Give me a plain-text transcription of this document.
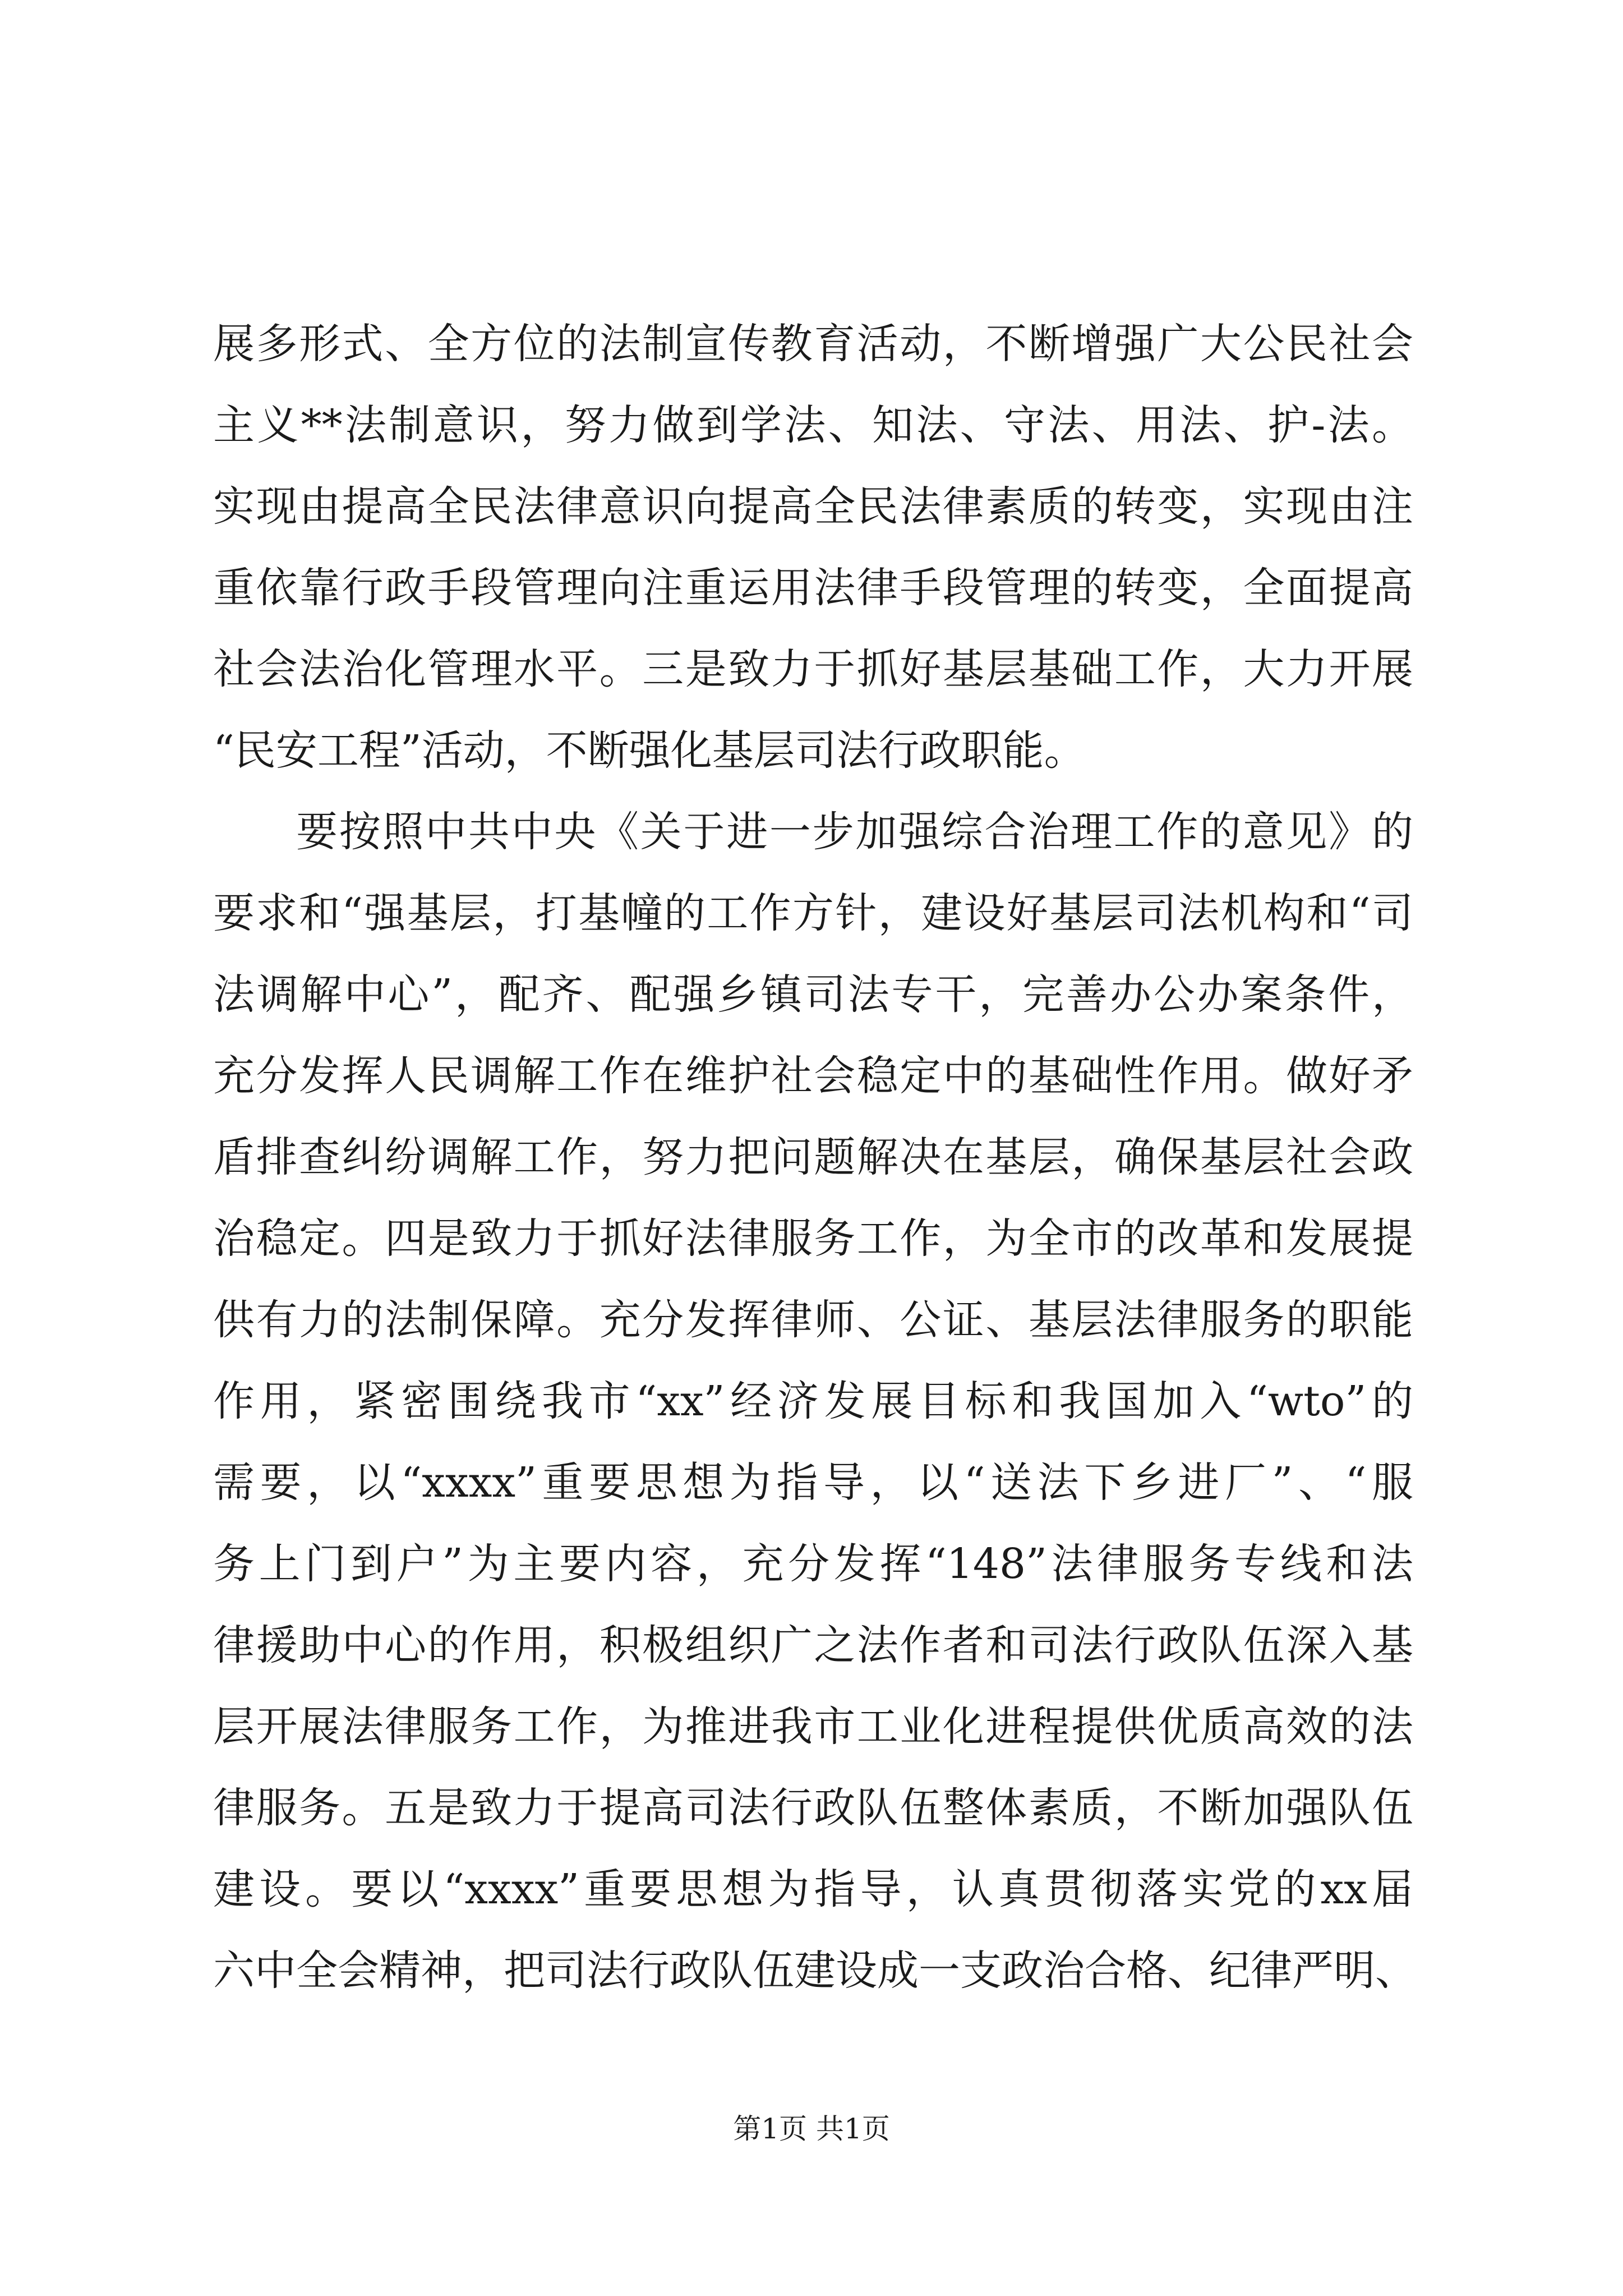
展多形式、全方位的法制宣传教育活动，不断增强广大公民社会
主义**法制意识，努力做到学法、知法、守法、用法、护-法。
实现由提高全民法律意识向提高全民法律素质的转变，实现由注
重依靠行政手段管理向注重运用法律手段管理的转变，全面提高
社会法治化管理水平。三是致力于抓好基层基础工作，大力开展
“民安工程”活动，不断强化基层司法行政职能。
要按照中共中央《关于进一步加强综合治理工作的意见》的
要求和“强基层，打基幢的工作方针，建设好基层司法机构和“司
法调解中心”，配齐、配强乡镇司法专干，完善办公办案条件，
充分发挥人民调解工作在维护社会稳定中的基础性作用。做好矛
盾排查纠纷调解工作，努力把问题解决在基层，确保基层社会政
治稳定。四是致力于抓好法律服务工作，为全市的改革和发展提
供有力的法制保障。充分发挥律师、公证、基层法律服务的职能
作用，紧密围绕我市“xx”经济发展目标和我国加入“wto”的
需要，以“xxxx”重要思想为指导，以“送法下乡进厂”、“服
务上门到户”为主要内容，充分发挥“148”法律服务专线和法
律援助中心的作用，积极组织广之法作者和司法行政队伍深入基
层开展法律服务工作，为推进我市工业化进程提供优质高效的法
律服务。五是致力于提高司法行政队伍整体素质，不断加强队伍
建设。要以“xxxx”重要思想为指导，认真贯彻落实党的xx届
六中全会精神，把司法行政队伍建设成一支政治合格、纪律严明、
第1页 共1页
